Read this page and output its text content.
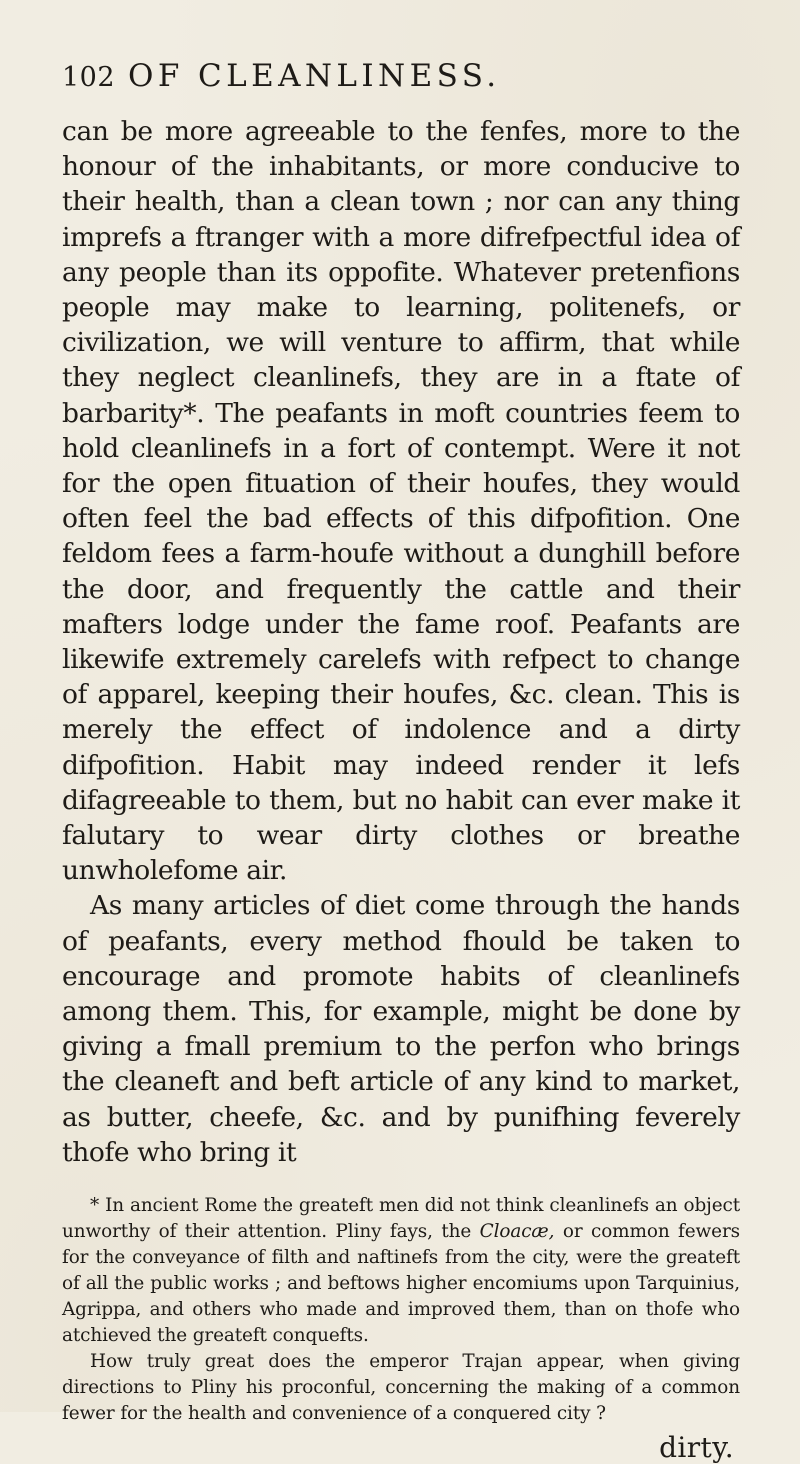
102 OF CLEANLINESS.

can be more agreeable to the fenfes, more to the honour of the inhabitants, or more conducive to their health, than a clean town ; nor can any thing imprefs a ftranger with a more difrefpectful idea of any people than its oppofite. Whatever pretenfions people may make to learning, politenefs, or civilization, we will venture to affirm, that while they neglect cleanlinefs, they are in a ftate of barbarity*. The peafants in moft countries feem to hold cleanlinefs in a fort of contempt. Were it not for the open fituation of their houfes, they would often feel the bad effects of this difpofition. One feldom fees a farm-houfe without a dunghill before the door, and frequently the cattle and their mafters lodge under the fame roof. Peafants are likewife extremely carelefs with refpect to change of apparel, keeping their houfes, &c. clean. This is merely the effect of indolence and a dirty difpofition. Habit may indeed render it lefs difagreeable to them, but no habit can ever make it falutary to wear dirty clothes or breathe unwholefome air.

As many articles of diet come through the hands of peafants, every method fhould be taken to encourage and promote habits of cleanlinefs among them. This, for example, might be done by giving a fmall premium to the perfon who brings the cleaneft and beft article of any kind to market, as butter, cheefe, &c. and by punifhing feverely thofe who bring it

* In ancient Rome the greateft men did not think cleanlinefs an object unworthy of their attention. Pliny fays, the Cloacæ, or common fewers for the conveyance of filth and naftinefs from the city, were the greateft of all the public works ; and beftows higher encomiums upon Tarquinius, Agrippa, and others who made and improved them, than on thofe who atchieved the greateft conquefts.

How truly great does the emperor Trajan appear, when giving directions to Pliny his proconful, concerning the making of a common fewer for the health and convenience of a conquered city ?

dirty.
